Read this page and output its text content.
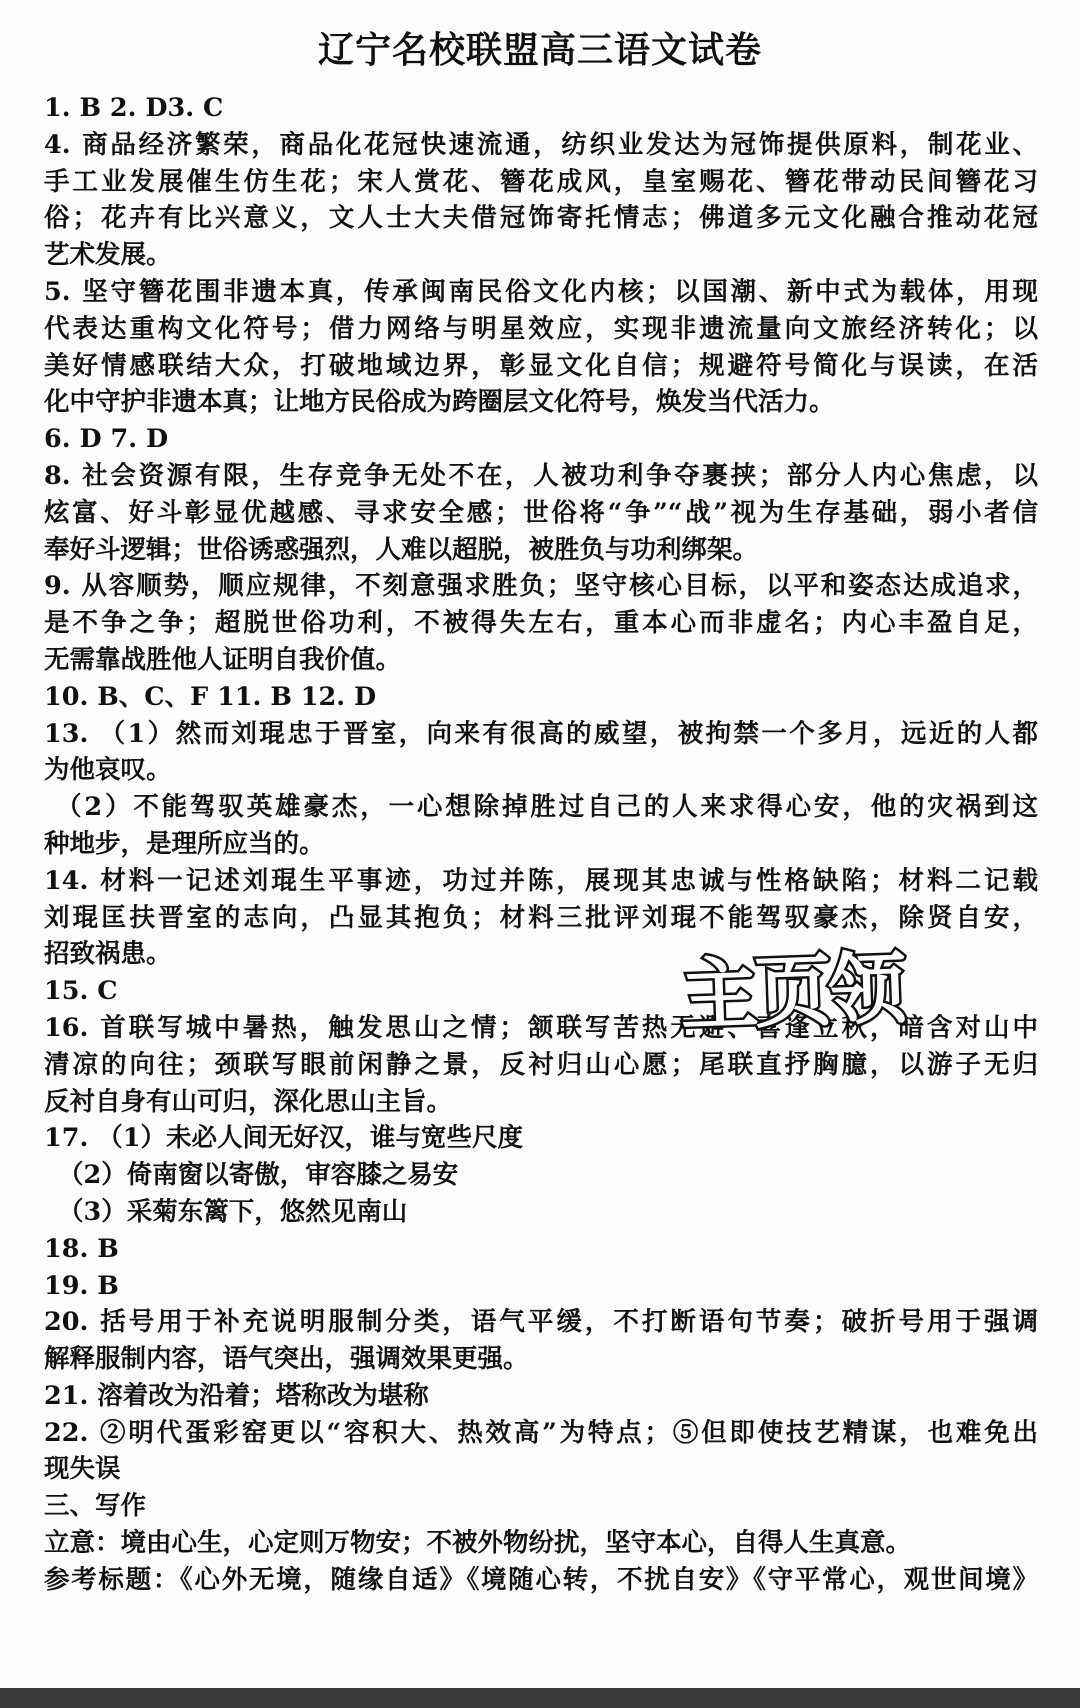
辽宁名校联盟高三语文试卷
1. B 2. D3. C
4. 商品经济繁荣，商品化花冠快速流通，纺织业发达为冠饰提供原料，制花业、
手工业发展催生仿生花；宋人赏花、簪花成风，皇室赐花、簪花带动民间簪花习
俗；花卉有比兴意义，文人士大夫借冠饰寄托情志；佛道多元文化融合推动花冠
艺术发展。
5. 坚守簪花围非遗本真，传承闽南民俗文化内核；以国潮、新中式为载体，用现
代表达重构文化符号；借力网络与明星效应，实现非遗流量向文旅经济转化；以
美好情感联结大众，打破地域边界，彰显文化自信；规避符号简化与误读，在活
化中守护非遗本真；让地方民俗成为跨圈层文化符号，焕发当代活力。
6. D 7. D
8. 社会资源有限，生存竞争无处不在，人被功利争夺裹挟；部分人内心焦虑，以
炫富、好斗彰显优越感、寻求安全感；世俗将“争”“战”视为生存基础，弱小者信
奉好斗逻辑；世俗诱惑强烈，人难以超脱，被胜负与功利绑架。
9. 从容顺势，顺应规律，不刻意强求胜负；坚守核心目标，以平和姿态达成追求，
是不争之争；超脱世俗功利，不被得失左右，重本心而非虚名；内心丰盈自足，
无需靠战胜他人证明自我价值。
10. B、C、F 11. B 12. D
13. （1）然而刘琨忠于晋室，向来有很高的威望，被拘禁一个多月，远近的人都
为他哀叹。
（2）不能驾驭英雄豪杰，一心想除掉胜过自己的人来求得心安，他的灾祸到这
种地步，是理所应当的。
14. 材料一记述刘琨生平事迹，功过并陈，展现其忠诚与性格缺陷；材料二记载
刘琨匡扶晋室的志向，凸显其抱负；材料三批评刘琨不能驾驭豪杰，除贤自安，
招致祸患。
15. C
16. 首联写城中暑热，触发思山之情；颔联写苦热无避、喜逢立秋，暗含对山中
清凉的向往；颈联写眼前闲静之景，反衬归山心愿；尾联直抒胸臆，以游子无归
反衬自身有山可归，深化思山主旨。
17. （1）未必人间无好汉，谁与宽些尺度
（2）倚南窗以寄傲，审容膝之易安
（3）采菊东篱下，悠然见南山
18. B
19. B
20. 括号用于补充说明服制分类，语气平缓，不打断语句节奏；破折号用于强调
解释服制内容，语气突出，强调效果更强。
21. 溶着改为沿着；塔称改为堪称
22. ②明代蛋彩窑更以“容积大、热效高”为特点；⑤但即使技艺精谋，也难免出
现失误
三、写作
立意：境由心生，心定则万物安；不被外物纷扰，坚守本心，自得人生真意。
参考标题：《心外无境，随缘自适》《境随心转，不扰自安》《守平常心，观世间境》
主页领
